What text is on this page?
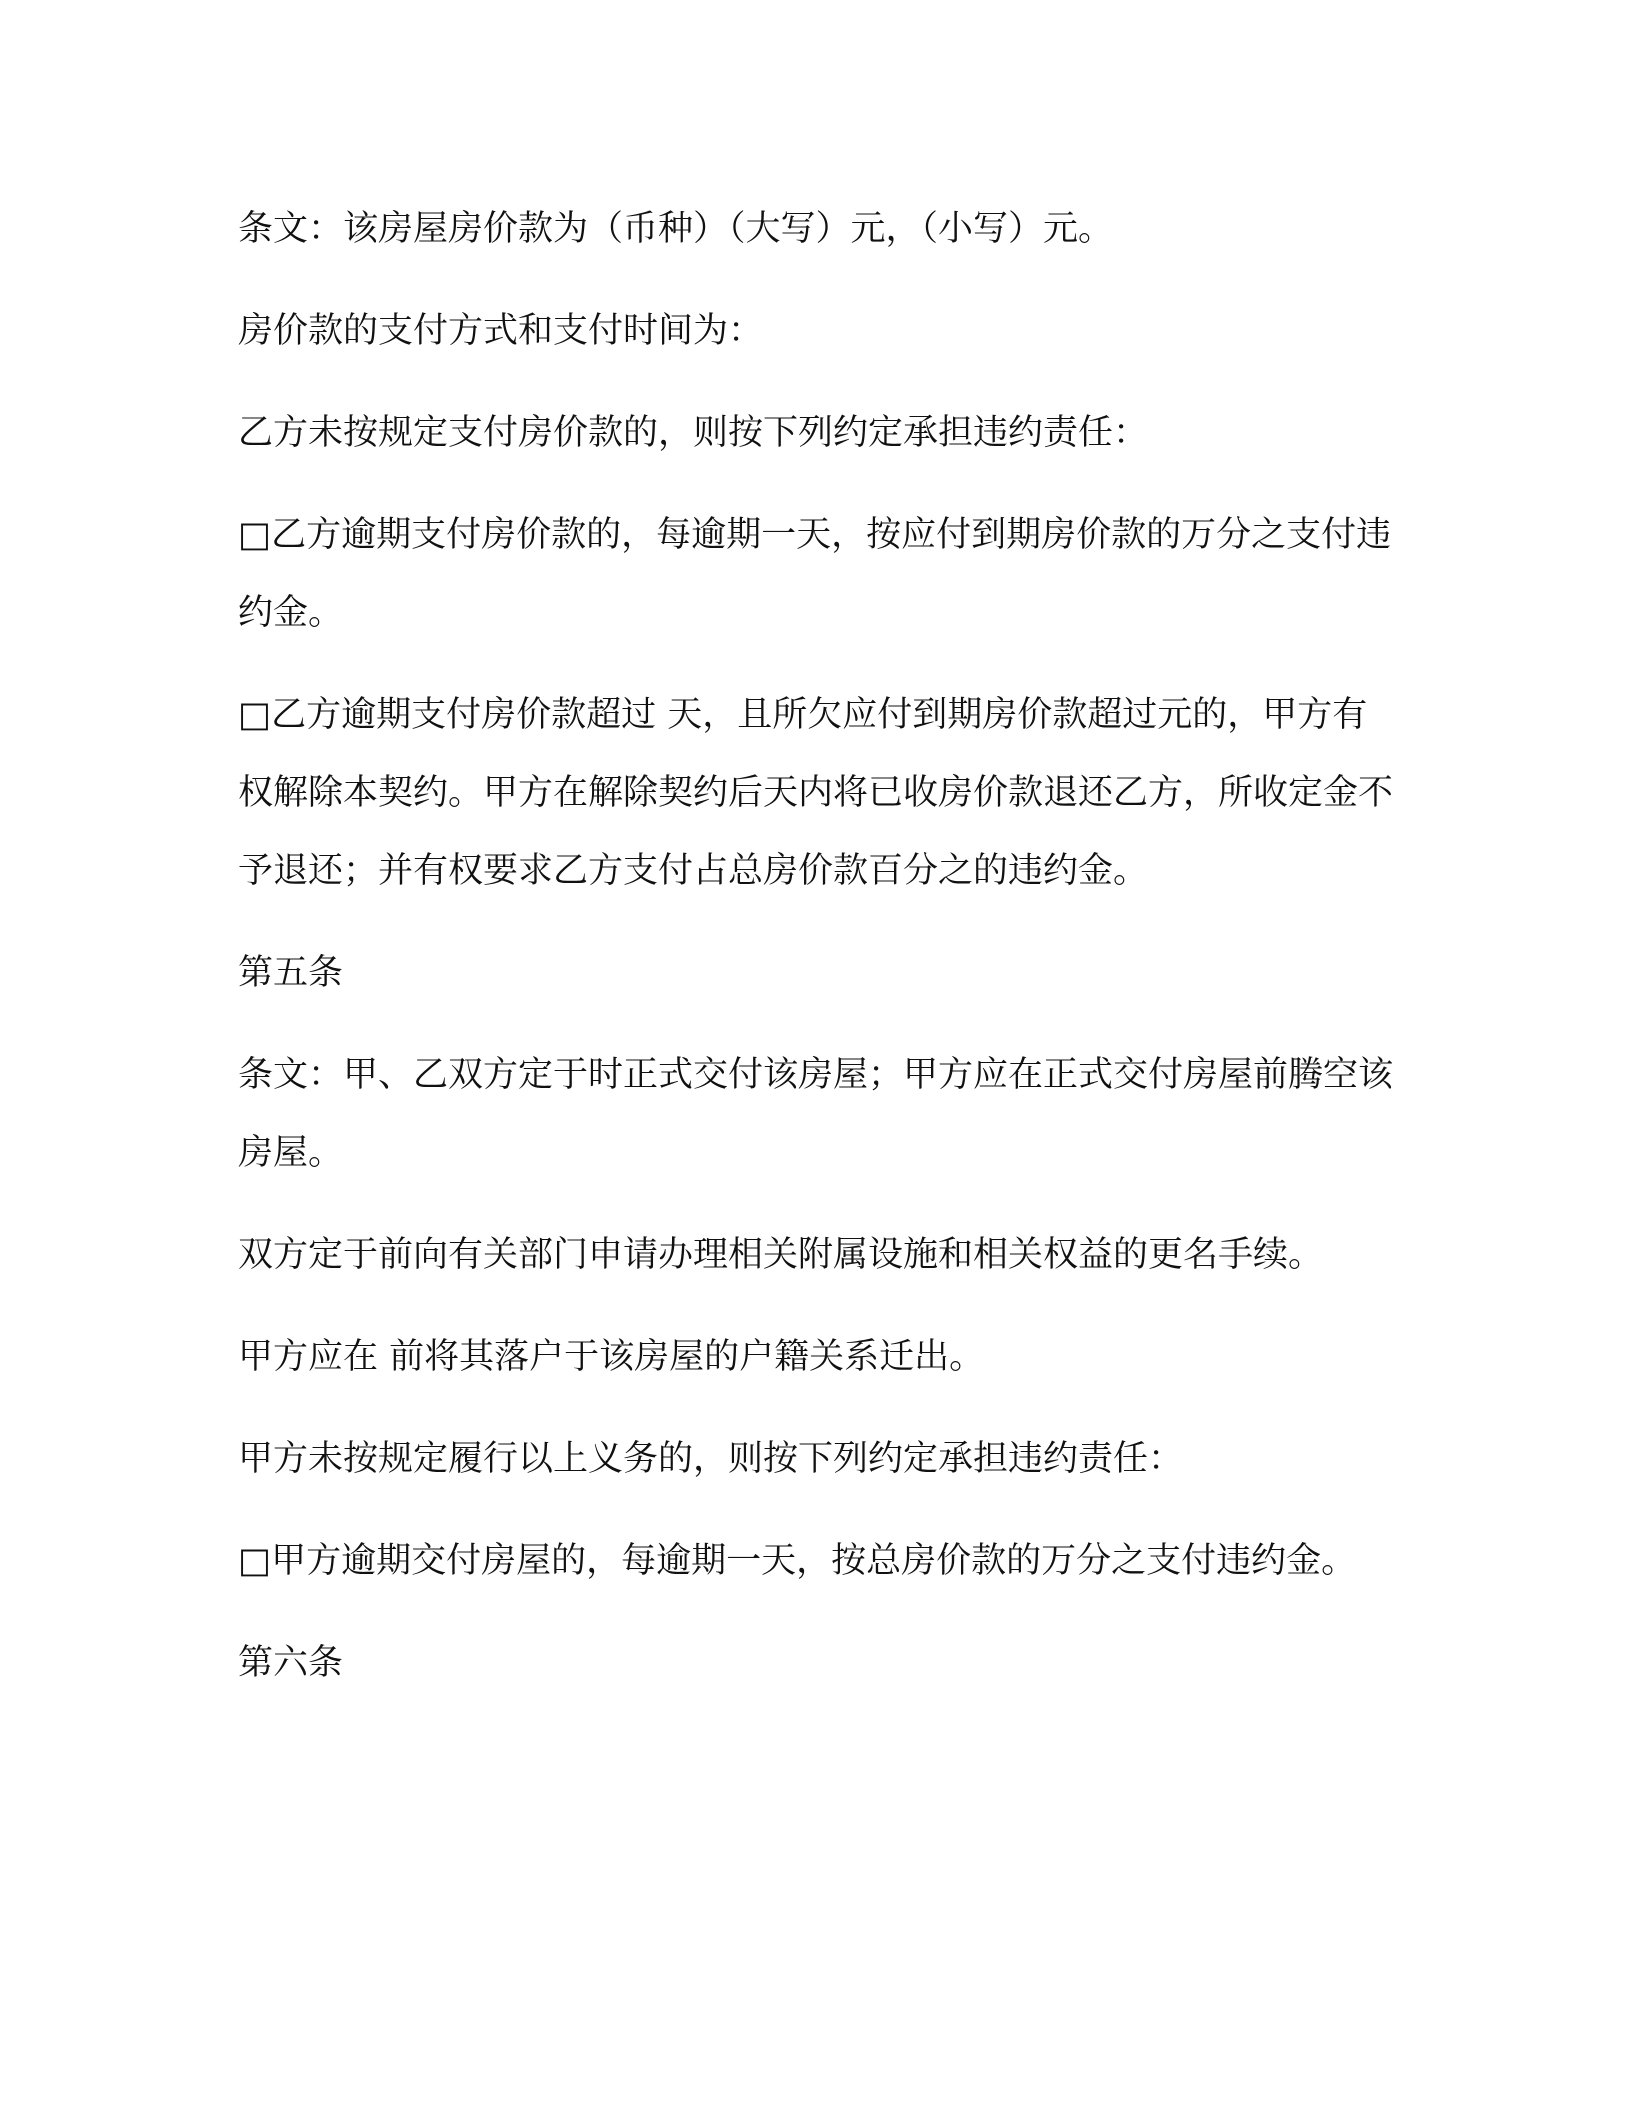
条文：该房屋房价款为（币种）（大写）元，（小写）元。

房价款的支付方式和支付时间为：

乙方未按规定支付房价款的，则按下列约定承担违约责任：

□乙方逾期支付房价款的，每逾期一天，按应付到期房价款的万分之支付违约金。

□乙方逾期支付房价款超过 天，且所欠应付到期房价款超过元的，甲方有权解除本契约。甲方在解除契约后天内将已收房价款退还乙方，所收定金不予退还；并有权要求乙方支付占总房价款百分之的违约金。

第五条

条文：甲、乙双方定于时正式交付该房屋；甲方应在正式交付房屋前腾空该房屋。

双方定于前向有关部门申请办理相关附属设施和相关权益的更名手续。

甲方应在 前将其落户于该房屋的户籍关系迁出。

甲方未按规定履行以上义务的，则按下列约定承担违约责任：

□甲方逾期交付房屋的，每逾期一天，按总房价款的万分之支付违约金。

第六条
